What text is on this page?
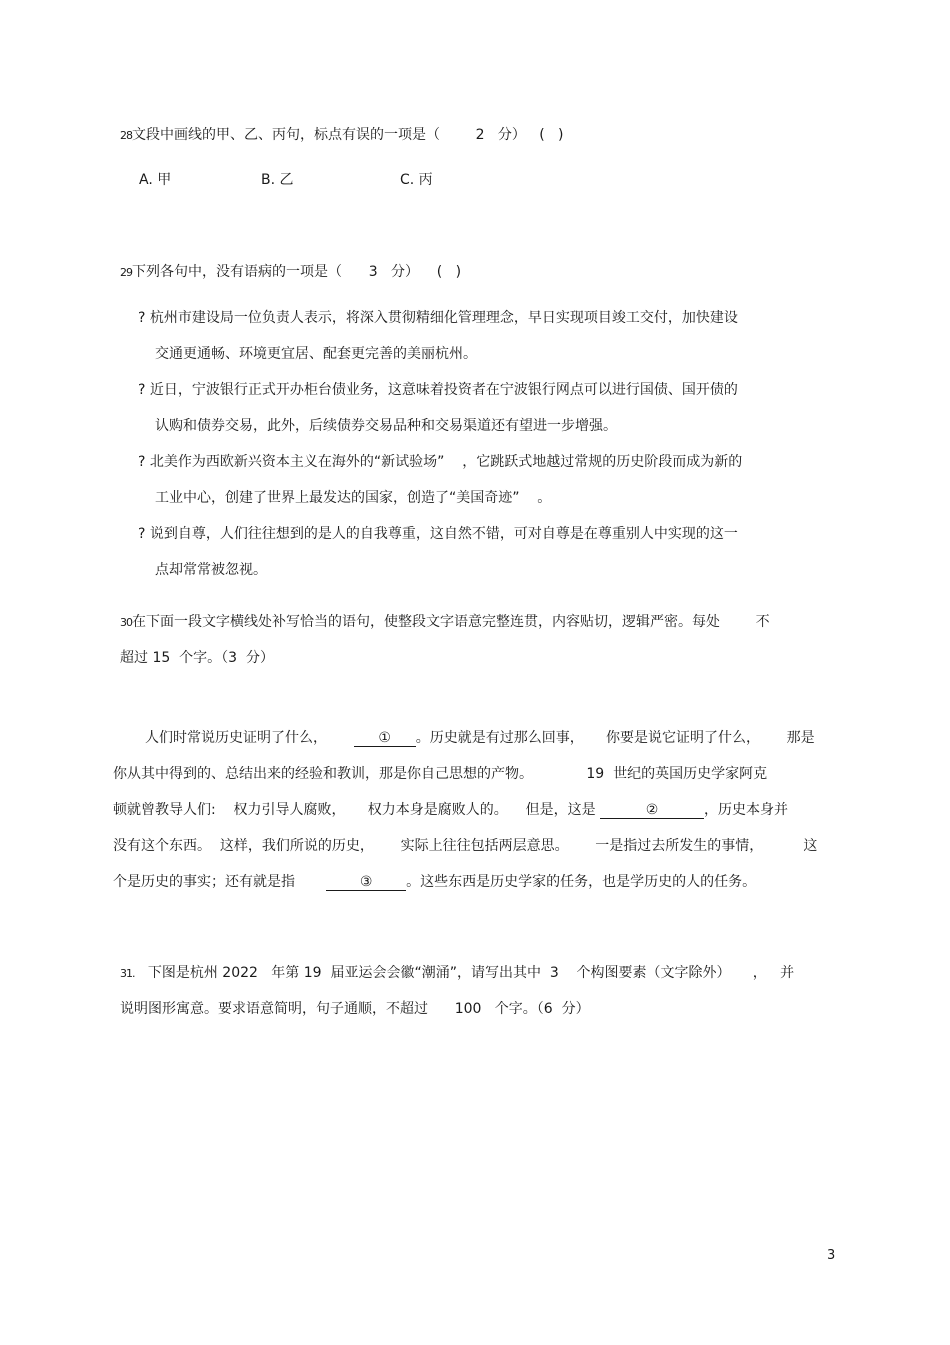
28文段中画线的甲、乙、丙句，标点有误的一项是（        2   分）   (   )
A. 甲	B. 乙	C. 丙
29下列各句中，没有语病的一项是（      3   分）    (   )
? 杭州市建设局一位负责人表示，将深入贯彻精细化管理理念，早日实现项目竣工交付，加快建设
交通更通畅、环境更宜居、配套更完善的美丽杭州。
? 近日，宁波银行正式开办柜台债业务，这意味着投资者在宁波银行网点可以进行国债、国开债的
认购和债券交易，此外，后续债券交易品种和交易渠道还有望进一步增强。
? 北美作为西欧新兴资本主义在海外的“新试验场”    ，它跳跃式地越过常规的历史阶段而成为新的
工业中心，创建了世界上最发达的国家，创造了“美国奇迹”    。
? 说到自尊，人们往往想到的是人的自我尊重，这自然不错，可对自尊是在尊重别人中实现的这一
点却常常被忽视。
30在下面一段文字横线处补写恰当的语句，使整段文字语意完整连贯，内容贴切，逻辑严密。每处        不
超过 15  个字。（3  分）
人们时常说历史证明了什么，      ① 。历史就是有过那么回事，     你要是说它证明了什么，      那是
你从其中得到的、总结出来的经验和教训，那是你自己思想的产物。            19  世纪的英国历史学家阿克
顿就曾教导人们:    权力引导人腐败，     权力本身是腐败人的。    但是，这是	②	，历史本身并
没有这个东西。  这样，我们所说的历史，      实际上往往包括两层意思。      一是指过去所发生的事情，         这
个是历史的事实；还有就是指       ③ 。这些东西是历史学家的任务，也是学历史的人的任务。
31.   下图是杭州 2022   年第 19  届亚运会会徽“潮涌”，请写出其中  3    个构图要素（文字除外）     ，   并
说明图形寓意。要求语意简明，句子通顺，不超过      100   个字。（6  分）
3
